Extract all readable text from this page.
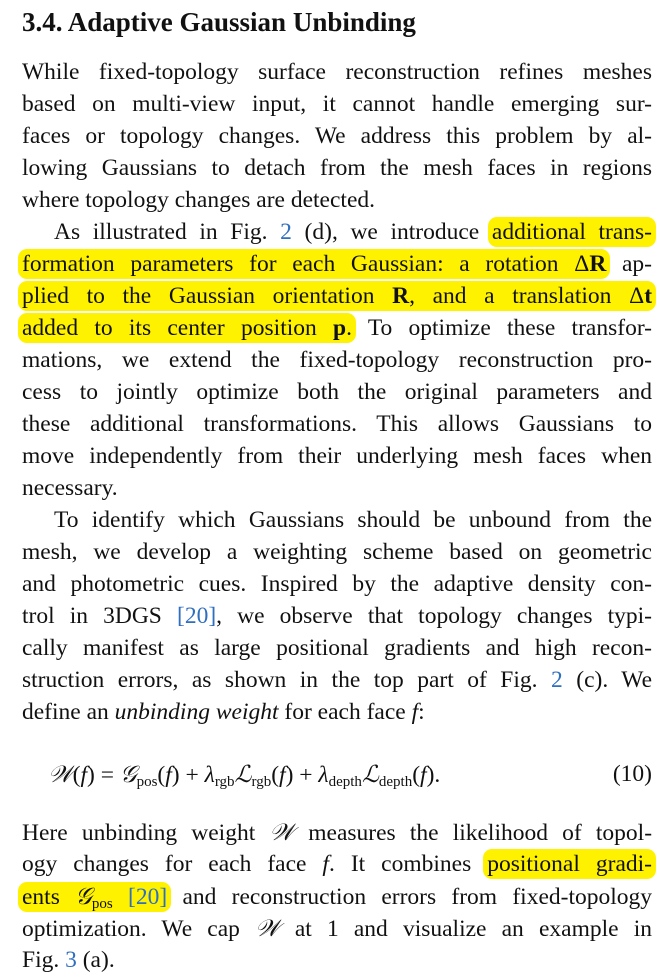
3.4. Adaptive Gaussian Unbinding
While fixed-topology surface reconstruction refines meshes
based on multi-view input, it cannot handle emerging sur-
faces or topology changes. We address this problem by al-
lowing Gaussians to detach from the mesh faces in regions
where topology changes are detected.
As illustrated in Fig. 2 (d), we introduce additional trans-
formation parameters for each Gaussian: a rotation ΔR ap-
plied to the Gaussian orientation R, and a translation Δt
added to its center position p. To optimize these transfor-
mations, we extend the fixed-topology reconstruction pro-
cess to jointly optimize both the original parameters and
these additional transformations. This allows Gaussians to
move independently from their underlying mesh faces when
necessary.
To identify which Gaussians should be unbound from the
mesh, we develop a weighting scheme based on geometric
and photometric cues. Inspired by the adaptive density con-
trol in 3DGS [20], we observe that topology changes typi-
cally manifest as large positional gradients and high recon-
struction errors, as shown in the top part of Fig. 2 (c). We
define an unbinding weight for each face f:
𝒲(f) = 𝒢$_{pos}$(f) + $\lambda_{rgb}ℒ_{rgb}(f)$ + $\lambda_{depth}ℒ_{depth}(f)$.	(10)
Here unbinding weight 𝒲 measures the likelihood of topol-
ogy changes for each face f. It combines positional gradi-
ents 𝒢$_{pos}$ [20] and reconstruction errors from fixed-topology
optimization. We cap 𝒲 at 1 and visualize an example in
Fig. 3 (a).
